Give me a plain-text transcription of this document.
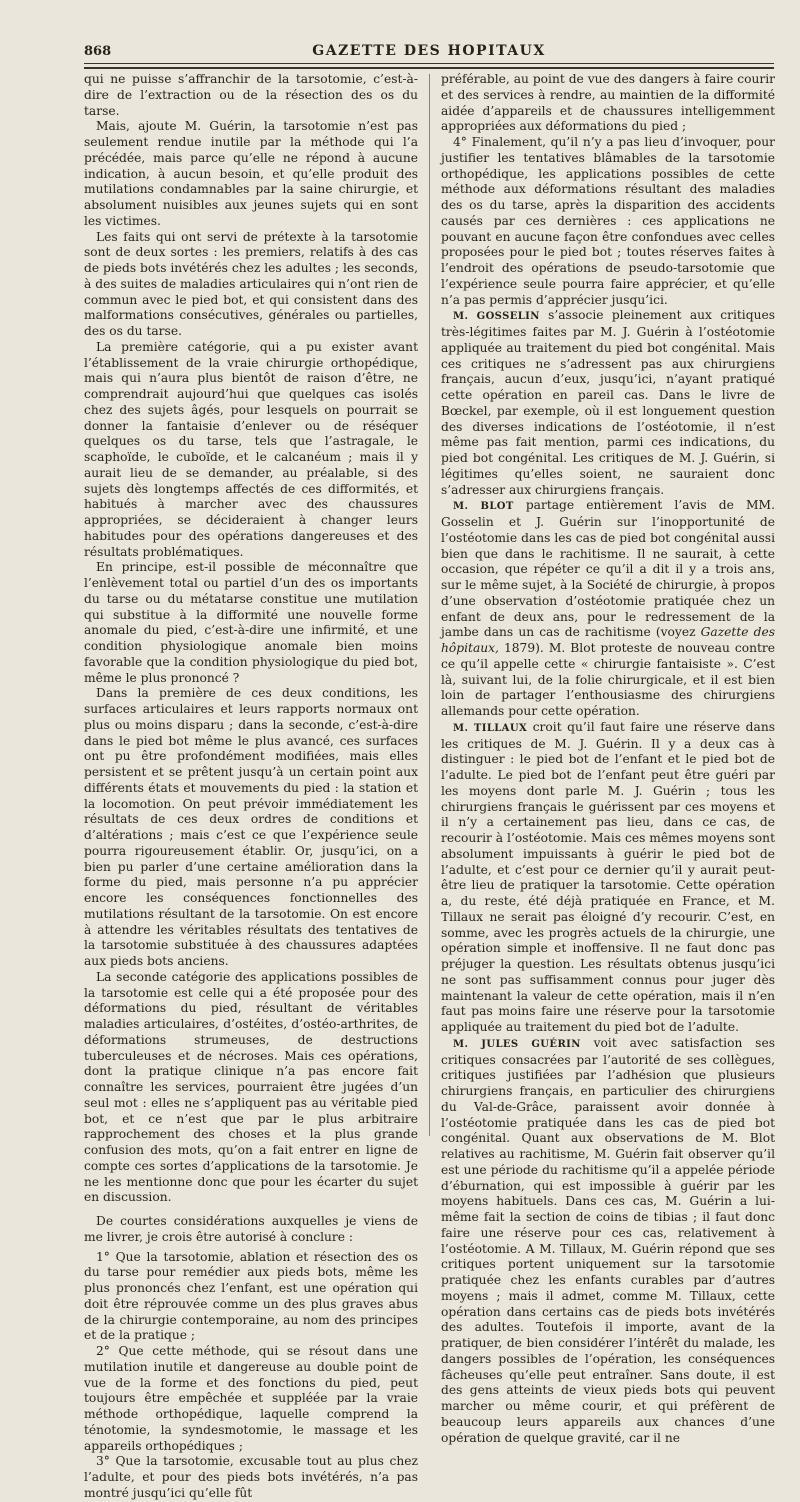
868	GAZETTE DES HOPITAUX

qui ne puisse s’affranchir de la tarsotomie, c’est-à-dire de l’extraction ou de la résection des os du tarse.

Mais, ajoute M. Guérin, la tarsotomie n’est pas seulement rendue inutile par la méthode qui l’a précédée, mais parce qu’elle ne répond à aucune indication, à aucun besoin, et qu’elle produit des mutilations condamnables par la saine chirurgie, et absolument nuisibles aux jeunes sujets qui en sont les victimes.

Les faits qui ont servi de prétexte à la tarsotomie sont de deux sortes : les premiers, relatifs à des cas de pieds bots invétérés chez les adultes ; les seconds, à des suites de maladies articulaires qui n’ont rien de commun avec le pied bot, et qui consistent dans des malformations consécutives, générales ou partielles, des os du tarse.

La première catégorie, qui a pu exister avant l’établissement de la vraie chirurgie orthopédique, mais qui n’aura plus bientôt de raison d’être, ne comprendrait aujourd’hui que quelques cas isolés chez des sujets âgés, pour lesquels on pourrait se donner la fantaisie d’enlever ou de réséquer quelques os du tarse, tels que l’astragale, le scaphoïde, le cuboïde, et le calcanéum ; mais il y aurait lieu de se demander, au préalable, si des sujets dès longtemps affectés de ces difformités, et habitués à marcher avec des chaussures appropriées, se décideraient à changer leurs habitudes pour des opérations dangereuses et des résultats problématiques.

En principe, est-il possible de méconnaître que l’enlèvement total ou partiel d’un des os importants du tarse ou du métatarse constitue une mutilation qui substitue à la difformité une nouvelle forme anomale du pied, c’est-à-dire une infirmité, et une condition physiologique anomale bien moins favorable que la condition physiologique du pied bot, même le plus prononcé ?

Dans la première de ces deux conditions, les surfaces articulaires et leurs rapports normaux ont plus ou moins disparu ; dans la seconde, c’est-à-dire dans le pied bot même le plus avancé, ces surfaces ont pu être profondément modifiées, mais elles persistent et se prêtent jusqu’à un certain point aux différents états et mouvements du pied : la station et la locomotion. On peut prévoir immédiatement les résultats de ces deux ordres de conditions et d’altérations ; mais c’est ce que l’expérience seule pourra rigoureusement établir. Or, jusqu’ici, on a bien pu parler d’une certaine amélioration dans la forme du pied, mais personne n’a pu apprécier encore les conséquences fonctionnelles des mutilations résultant de la tarsotomie. On est encore à attendre les véritables résultats des tentatives de la tarsotomie substituée à des chaussures adaptées aux pieds bots anciens.

La seconde catégorie des applications possibles de la tarsotomie est celle qui a été proposée pour des déformations du pied, résultant de véritables maladies articulaires, d’ostéites, d’ostéo-arthrites, de déformations strumeuses, de destructions tuberculeuses et de nécroses. Mais ces opérations, dont la pratique clinique n’a pas encore fait connaître les services, pourraient être jugées d’un seul mot : elles ne s’appliquent pas au véritable pied bot, et ce n’est que par le plus arbitraire rapprochement des choses et la plus grande confusion des mots, qu’on a fait entrer en ligne de compte ces sortes d’applications de la tarsotomie. Je ne les mentionne donc que pour les écarter du sujet en discussion.

De courtes considérations auxquelles je viens de me livrer, je crois être autorisé à conclure :

1° Que la tarsotomie, ablation et résection des os du tarse pour remédier aux pieds bots, même les plus prononcés chez l’enfant, est une opération qui doit être réprouvée comme un des plus graves abus de la chirurgie contemporaine, au nom des principes et de la pratique ;

2° Que cette méthode, qui se résout dans une mutilation inutile et dangereuse au double point de vue de la forme et des fonctions du pied, peut toujours être empêchée et suppléée par la vraie méthode orthopédique, laquelle comprend la ténotomie, la syndesmotomie, le massage et les appareils orthopédiques ;

3° Que la tarsotomie, excusable tout au plus chez l’adulte, et pour des pieds bots invétérés, n’a pas montré jusqu’ici qu’elle fût

préférable, au point de vue des dangers à faire courir et des services à rendre, au maintien de la difformité aidée d’appareils et de chaussures intelligemment appropriées aux déformations du pied ;

4° Finalement, qu’il n’y a pas lieu d’invoquer, pour justifier les tentatives blâmables de la tarsotomie orthopédique, les applications possibles de cette méthode aux déformations résultant des maladies des os du tarse, après la disparition des accidents causés par ces dernières : ces applications ne pouvant en aucune façon être confondues avec celles proposées pour le pied bot ; toutes réserves faites à l’endroit des opérations de pseudo-tarsotomie que l’expérience seule pourra faire apprécier, et qu’elle n’a pas permis d’apprécier jusqu’ici.

M. GOSSELIN s’associe pleinement aux critiques très-légitimes faites par M. J. Guérin à l’ostéotomie appliquée au traitement du pied bot congénital. Mais ces critiques ne s’adressent pas aux chirurgiens français, aucun d’eux, jusqu’ici, n’ayant pratiqué cette opération en pareil cas. Dans le livre de Bœckel, par exemple, où il est longuement question des diverses indications de l’ostéotomie, il n’est même pas fait mention, parmi ces indications, du pied bot congénital. Les critiques de M. J. Guérin, si légitimes qu’elles soient, ne sauraient donc s’adresser aux chirurgiens français.

M. BLOT partage entièrement l’avis de MM. Gosselin et J. Guérin sur l’inopportunité de l’ostéotomie dans les cas de pied bot congénital aussi bien que dans le rachitisme. Il ne saurait, à cette occasion, que répéter ce qu’il a dit il y a trois ans, sur le même sujet, à la Société de chirurgie, à propos d’une observation d’ostéotomie pratiquée chez un enfant de deux ans, pour le redressement de la jambe dans un cas de rachitisme (voyez Gazette des hôpitaux, 1879). M. Blot proteste de nouveau contre ce qu’il appelle cette « chirurgie fantaisiste ». C’est là, suivant lui, de la folie chirurgicale, et il est bien loin de partager l’enthousiasme des chirurgiens allemands pour cette opération.

M. TILLAUX croit qu’il faut faire une réserve dans les critiques de M. J. Guérin. Il y a deux cas à distinguer : le pied bot de l’enfant et le pied bot de l’adulte. Le pied bot de l’enfant peut être guéri par les moyens dont parle M. J. Guérin ; tous les chirurgiens français le guérissent par ces moyens et il n’y a certainement pas lieu, dans ce cas, de recourir à l’ostéotomie. Mais ces mêmes moyens sont absolument impuissants à guérir le pied bot de l’adulte, et c’est pour ce dernier qu’il y aurait peut-être lieu de pratiquer la tarsotomie. Cette opération a, du reste, été déjà pratiquée en France, et M. Tillaux ne serait pas éloigné d’y recourir. C’est, en somme, avec les progrès actuels de la chirurgie, une opération simple et inoffensive. Il ne faut donc pas préjuger la question. Les résultats obtenus jusqu’ici ne sont pas suffisamment connus pour juger dès maintenant la valeur de cette opération, mais il n’en faut pas moins faire une réserve pour la tarsotomie appliquée au traitement du pied bot de l’adulte.

M. JULES GUÉRIN voit avec satisfaction ses critiques consacrées par l’autorité de ses collègues, critiques justifiées par l’adhésion que plusieurs chirurgiens français, en particulier des chirurgiens du Val-de-Grâce, paraissent avoir donnée à l’ostéotomie pratiquée dans les cas de pied bot congénital. Quant aux observations de M. Blot relatives au rachitisme, M. Guérin fait observer qu’il est une période du rachitisme qu’il a appelée période d’éburnation, qui est impossible à guérir par les moyens habituels. Dans ces cas, M. Guérin a lui-même fait la section de coins de tibias ; il faut donc faire une réserve pour ces cas, relativement à l’ostéotomie. A M. Tillaux, M. Guérin répond que ses critiques portent uniquement sur la tarsotomie pratiquée chez les enfants curables par d’autres moyens ; mais il admet, comme M. Tillaux, cette opération dans certains cas de pieds bots invétérés des adultes. Toutefois il importe, avant de la pratiquer, de bien considérer l’intérêt du malade, les dangers possibles de l’opération, les conséquences fâcheuses qu’elle peut entraîner. Sans doute, il est des gens atteints de vieux pieds bots qui peuvent marcher ou même courir, et qui préfèrent de beaucoup leurs appareils aux chances d’une opération de quelque gravité, car il ne
